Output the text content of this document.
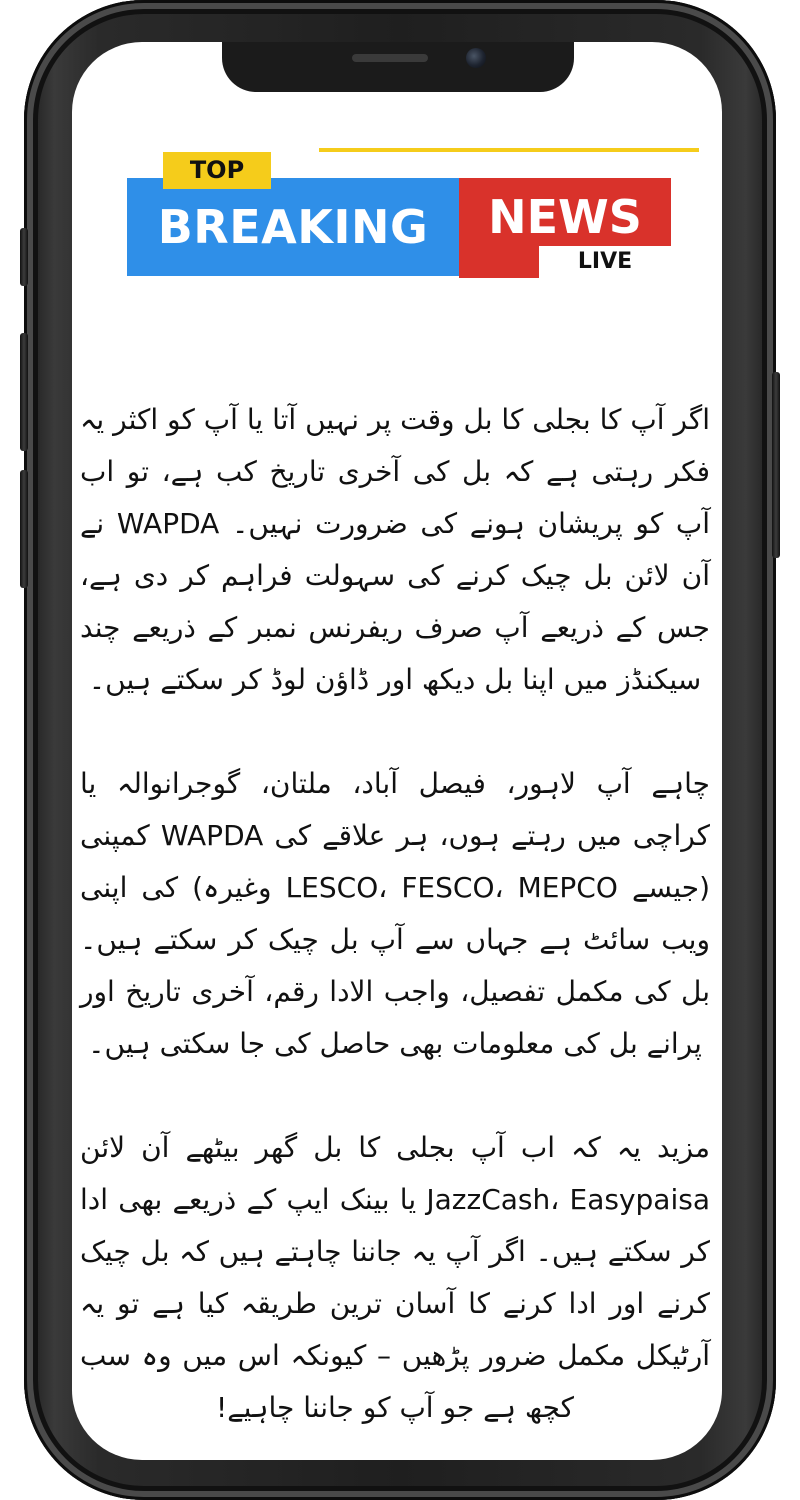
BREAKING
TOP
NEWS
LIVE

اگر آپ کا بجلی کا بل وقت پر نہیں آتا یا آپ کو اکثر یہ فکر رہتی ہے کہ بل کی آخری تاریخ کب ہے، تو اب آپ کو پریشان ہونے کی ضرورت نہیں۔ WAPDA نے آن لائن بل چیک کرنے کی سہولت فراہم کر دی ہے، جس کے ذریعے آپ صرف ریفرنس نمبر کے ذریعے چند سیکنڈز میں اپنا بل دیکھ اور ڈاؤن لوڈ کر سکتے ہیں۔

چاہے آپ لاہور، فیصل آباد، ملتان، گوجرانوالہ یا کراچی میں رہتے ہوں، ہر علاقے کی WAPDA کمپنی (جیسے LESCO، FESCO، MEPCO وغیرہ) کی اپنی ویب سائٹ ہے جہاں سے آپ بل چیک کر سکتے ہیں۔ بل کی مکمل تفصیل، واجب الادا رقم، آخری تاریخ اور پرانے بل کی معلومات بھی حاصل کی جا سکتی ہیں۔

مزید یہ کہ اب آپ بجلی کا بل گھر بیٹھے آن لائن JazzCash، Easypaisa یا بینک ایپ کے ذریعے بھی ادا کر سکتے ہیں۔ اگر آپ یہ جاننا چاہتے ہیں کہ بل چیک کرنے اور ادا کرنے کا آسان ترین طریقہ کیا ہے تو یہ آرٹیکل مکمل ضرور پڑھیں – کیونکہ اس میں وہ سب کچھ ہے جو آپ کو جاننا چاہیے!
